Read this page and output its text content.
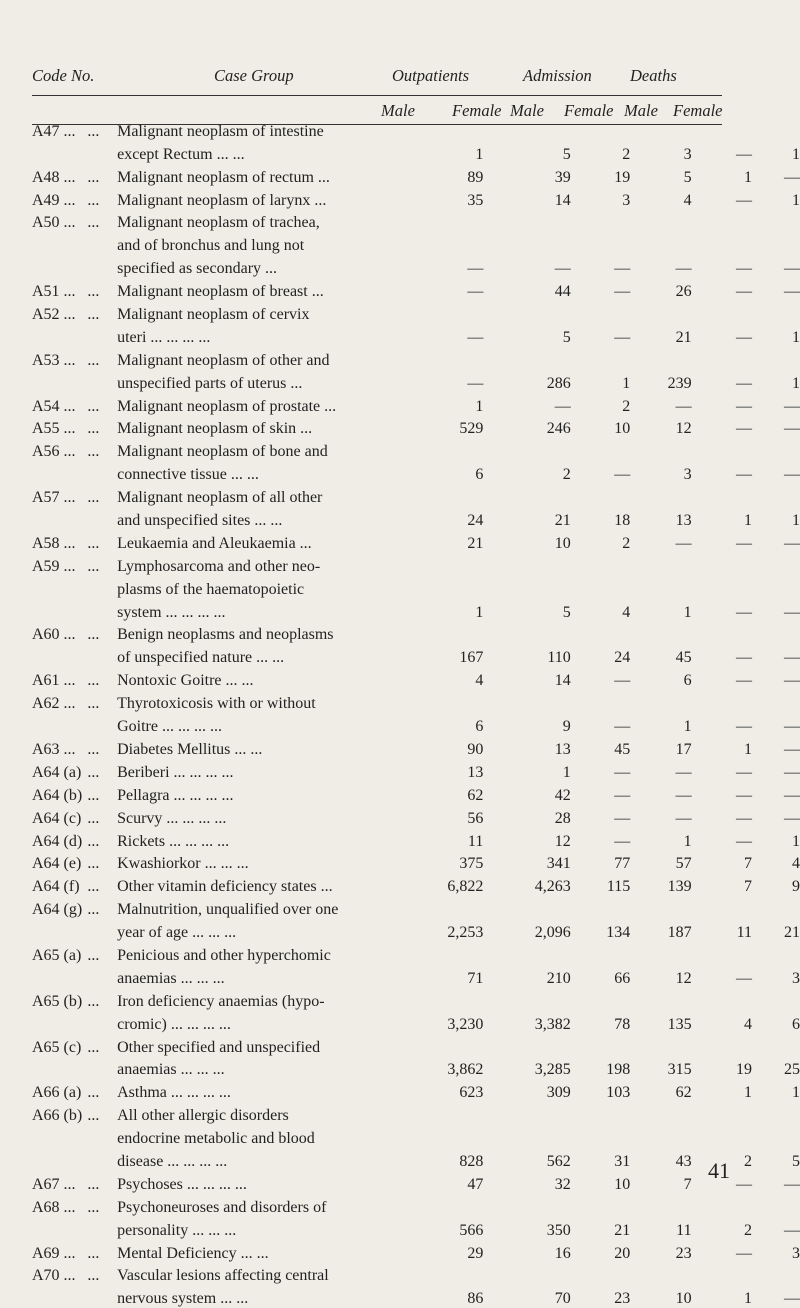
Code No.	Case Group	Outpatients	Admission Deaths
Male Female Male Female Male Female
A47 ...	...	Malignant neoplasm of intestine						
		except Rectum ... ...	1	5	2	3	—	1
A48 ...	...	Malignant neoplasm of rectum ...	89	39	19	5	1	—
A49 ...	...	Malignant neoplasm of larynx ...	35	14	3	4	—	1
A50 ...	...	Malignant neoplasm of trachea,						
		and of bronchus and lung not						
		specified as secondary ...	—	—	—	—	—	—
A51 ...	...	Malignant neoplasm of breast ...	—	44	—	26	—	—
A52 ...	...	Malignant neoplasm of cervix						
		uteri ... ... ... ...	—	5	—	21	—	1
A53 ...	...	Malignant neoplasm of other and						
		unspecified parts of uterus ...	—	286	1	239	—	1
A54 ...	...	Malignant neoplasm of prostate ...	1	—	2	—	—	—
A55 ...	...	Malignant neoplasm of skin ...	529	246	10	12	—	—
A56 ...	...	Malignant neoplasm of bone and						
		connective tissue ... ...	6	2	—	3	—	—
A57 ...	...	Malignant neoplasm of all other						
		and unspecified sites ... ...	24	21	18	13	1	1
A58 ...	...	Leukaemia and Aleukaemia ...	21	10	2	—	—	—
A59 ...	...	Lymphosarcoma and other neo-						
		plasms of the haematopoietic						
		system ... ... ... ...	1	5	4	1	—	—
A60 ...	...	Benign neoplasms and neoplasms						
		of unspecified nature ... ...	167	110	24	45	—	—
A61 ...	...	Nontoxic Goitre ... ...	4	14	—	6	—	—
A62 ...	...	Thyrotoxicosis with or without						
		Goitre ... ... ... ...	6	9	—	1	—	—
A63 ...	...	Diabetes Mellitus ... ...	90	13	45	17	1	—
A64 (a)	...	Beriberi ... ... ... ...	13	1	—	—	—	—
A64 (b)	...	Pellagra ... ... ... ...	62	42	—	—	—	—
A64 (c)	...	Scurvy ... ... ... ...	56	28	—	—	—	—
A64 (d)	...	Rickets ... ... ... ...	11	12	—	1	—	1
A64 (e)	...	Kwashiorkor ... ... ...	375	341	77	57	7	4
A64 (f)	...	Other vitamin deficiency states ...	6,822	4,263	115	139	7	9
A64 (g)	...	Malnutrition, unqualified over one						
		year of age ... ... ...	2,253	2,096	134	187	11	21
A65 (a)	...	Penicious and other hyperchomic						
		anaemias ... ... ...	71	210	66	12	—	3
A65 (b)	...	Iron deficiency anaemias (hypo-						
		cromic) ... ... ... ...	3,230	3,382	78	135	4	6
A65 (c)	...	Other specified and unspecified						
		anaemias ... ... ...	3,862	3,285	198	315	19	25
A66 (a)	...	Asthma ... ... ... ...	623	309	103	62	1	1
A66 (b)	...	All other allergic disorders						
		endocrine metabolic and blood						
		disease ... ... ... ...	828	562	31	43	2	5
A67 ...	...	Psychoses ... ... ... ...	47	32	10	7	—	—
A68 ...	...	Psychoneuroses and disorders of						
		personality ... ... ...	566	350	21	11	2	—
A69 ...	...	Mental Deficiency ... ...	29	16	20	23	—	3
A70 ...	...	Vascular lesions affecting central						
		nervous system ... ...	86	70	23	10	1	—
41
